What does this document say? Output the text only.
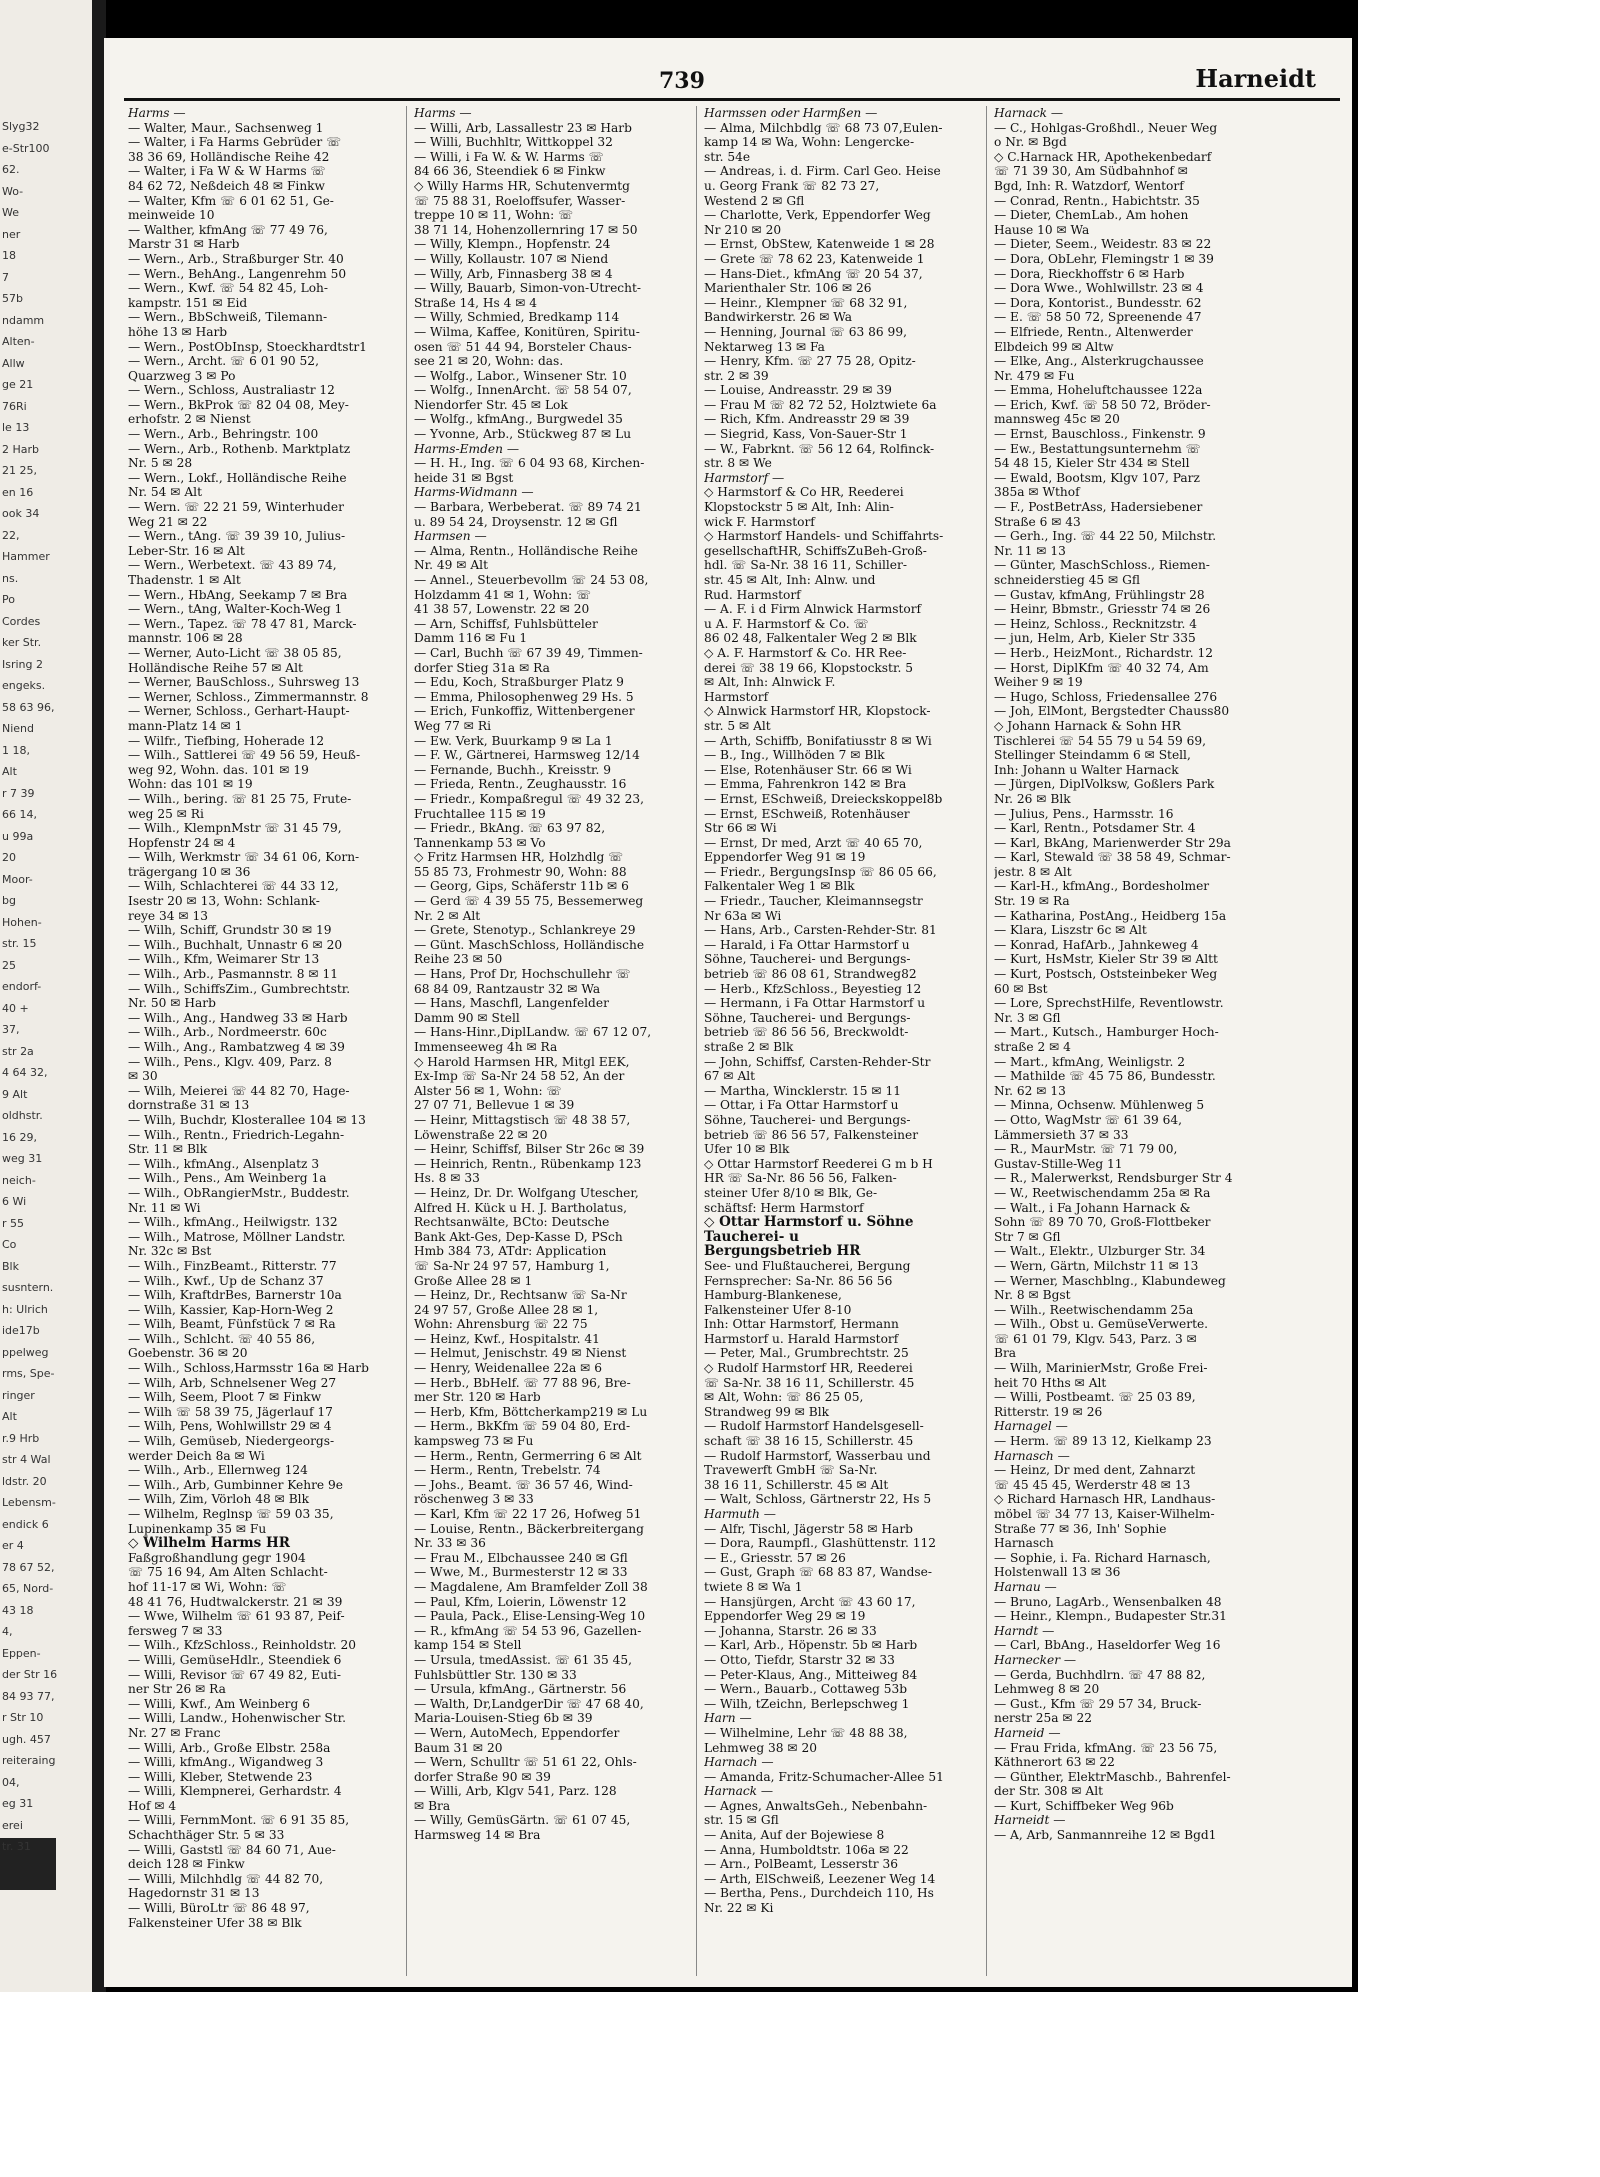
Slyg32
e-Str100
62.
Wo-
We
ner
18
7
57b
ndamm
Alten-
Allw
ge 21
76Ri
le 13
2 Harb
21 25,
en 16
ook 34
22,
Hammer
ns.
Po
Cordes
ker Str.
Isring 2
engeks.
58 63 96,
Niend
1 18,
Alt
r 7 39
66 14,
u 99a
20
Moor-
bg
Hohen-
str. 15
25
endorf-
40 +
37,
str 2a
4 64 32,
9 Alt
oldhstr.
16 29,
weg 31
neich-
6 Wi
r 55
Co
Blk
susntern.
h: Ulrich
ide17b
ppelweg
rms, Spe-
ringer
Alt
r.9 Hrb
str 4 Wal
ldstr. 20
Lebensm-
endick 6
er 4
78 67 52,
65, Nord-
43 18
4,
Eppen-
der Str 16
84 93 77,
r Str 10
ugh. 457
reiteraing
04,
eg 31
erei
tr. 31
739	Harneidt
Harms —
— Walter, Maur., Sachsenweg 1
— Walter, i Fa Harms Gebrüder ☏
38 36 69, Holländische Reihe 42
— Walter, i Fa W & W Harms ☏
84 62 72, Neßdeich 48 ✉ Finkw
— Walter, Kfm ☏ 6 01 62 51, Ge-
meinweide 10
— Walther, kfmAng ☏ 77 49 76,
Marstr 31 ✉ Harb
— Wern., Arb., Straßburger Str. 40
— Wern., BehAng., Langenrehm 50
— Wern., Kwf. ☏ 54 82 45, Loh-
kampstr. 151 ✉ Eid
— Wern., BbSchweiß, Tilemann-
höhe 13 ✉ Harb
— Wern., PostObInsp, Stoeckhardtstr1
— Wern., Archt. ☏ 6 01 90 52,
Quarzweg 3 ✉ Po
— Wern., Schloss, Australiastr 12
— Wern., BkProk ☏ 82 04 08, Mey-
erhofstr. 2 ✉ Nienst
— Wern., Arb., Behringstr. 100
— Wern., Arb., Rothenb. Marktplatz
Nr. 5 ✉ 28
— Wern., Lokf., Holländische Reihe
Nr. 54 ✉ Alt
— Wern. ☏ 22 21 59, Winterhuder
Weg 21 ✉ 22
— Wern., tAng. ☏ 39 39 10, Julius-
Leber-Str. 16 ✉ Alt
— Wern., Werbetext. ☏ 43 89 74,
Thadenstr. 1 ✉ Alt
— Wern., HbAng, Seekamp 7 ✉ Bra
— Wern., tAng, Walter-Koch-Weg 1
— Wern., Tapez. ☏ 78 47 81, Marck-
mannstr. 106 ✉ 28
— Werner, Auto-Licht ☏ 38 05 85,
Holländische Reihe 57 ✉ Alt
— Werner, BauSchloss., Suhrsweg 13
— Werner, Schloss., Zimmermannstr. 8
— Werner, Schloss., Gerhart-Haupt-
mann-Platz 14 ✉ 1
— Wilfr., Tiefbing, Hoherade 12
— Wilh., Sattlerei ☏ 49 56 59, Heuß-
weg 92, Wohn. das. 101 ✉ 19
Wohn: das 101 ✉ 19
— Wilh., bering. ☏ 81 25 75, Frute-
weg 25 ✉ Ri
— Wilh., KlempnMstr ☏ 31 45 79,
Hopfenstr 24 ✉ 4
— Wilh, Werkmstr ☏ 34 61 06, Korn-
trägergang 10 ✉ 36
— Wilh, Schlachterei ☏ 44 33 12,
Isestr 20 ✉ 13, Wohn: Schlank-
reye 34 ✉ 13
— Wilh, Schiff, Grundstr 30 ✉ 19
— Wilh., Buchhalt, Unnastr 6 ✉ 20
— Wilh., Kfm, Weimarer Str 13
— Wilh., Arb., Pasmannstr. 8 ✉ 11
— Wilh., SchiffsZim., Gumbrechtstr.
Nr. 50 ✉ Harb
— Wilh., Ang., Handweg 33 ✉ Harb
— Wilh., Arb., Nordmeerstr. 60c
— Wilh., Ang., Rambatzweg 4 ✉ 39
— Wilh., Pens., Klgv. 409, Parz. 8
✉ 30
— Wilh, Meierei ☏ 44 82 70, Hage-
dornstraße 31 ✉ 13
— Wilh, Buchdr, Klosterallee 104 ✉ 13
— Wilh., Rentn., Friedrich-Legahn-
Str. 11 ✉ Blk
— Wilh., kfmAng., Alsenplatz 3
— Wilh., Pens., Am Weinberg 1a
— Wilh., ObRangierMstr., Buddestr.
Nr. 11 ✉ Wi
— Wilh., kfmAng., Heilwigstr. 132
— Wilh., Matrose, Möllner Landstr.
Nr. 32c ✉ Bst
— Wilh., FinzBeamt., Ritterstr. 77
— Wilh., Kwf., Up de Schanz 37
— Wilh, KraftdrBes, Barnerstr 10a
— Wilh, Kassier, Kap-Horn-Weg 2
— Wilh, Beamt, Fünfstück 7 ✉ Ra
— Wilh., Schlcht. ☏ 40 55 86,
Goebenstr. 36 ✉ 20
— Wilh., Schloss,Harmsstr 16a ✉ Harb
— Wilh, Arb, Schnelsener Weg 27
— Wilh, Seem, Ploot 7 ✉ Finkw
— Wilh ☏ 58 39 75, Jägerlauf 17
— Wilh, Pens, Wohlwillstr 29 ✉ 4
— Wilh, Gemüseb, Niedergeorgs-
werder Deich 8a ✉ Wi
— Wilh., Arb., Ellernweg 124
— Wilh., Arb, Gumbinner Kehre 9e
— Wilh, Zim, Vörloh 48 ✉ Blk
— Wilhelm, Reglnsp ☏ 59 03 35,
Lupinenkamp 35 ✉ Fu
◇ Wilhelm Harms HR
Faßgroßhandlung gegr 1904
☏ 75 16 94, Am Alten Schlacht-
hof 11-17 ✉ Wi, Wohn: ☏
48 41 76, Hudtwalckerstr. 21 ✉ 39
— Wwe, Wilhelm ☏ 61 93 87, Peif-
fersweg 7 ✉ 33
— Wilh., KfzSchloss., Reinholdstr. 20
— Willi, GemüseHdlr., Steendiek 6
— Willi, Revisor ☏ 67 49 82, Euti-
ner Str 26 ✉ Ra
— Willi, Kwf., Am Weinberg 6
— Willi, Landw., Hohenwischer Str.
Nr. 27 ✉ Franc
— Willi, Arb., Große Elbstr. 258a
— Willi, kfmAng., Wigandweg 3
— Willi, Kleber, Stetwende 23
— Willi, Klempnerei, Gerhardstr. 4
Hof ✉ 4
— Willi, FernmMont. ☏ 6 91 35 85,
Schachthäger Str. 5 ✉ 33
— Willi, Gaststl ☏ 84 60 71, Aue-
deich 128 ✉ Finkw
— Willi, Milchhdlg ☏ 44 82 70,
Hagedornstr 31 ✉ 13
— Willi, BüroLtr ☏ 86 48 97,
Falkensteiner Ufer 38 ✉ Blk
Harms —
— Willi, Arb, Lassallestr 23 ✉ Harb
— Willi, Buchhltr, Wittkoppel 32
— Willi, i Fa W. & W. Harms ☏
84 66 36, Steendiek 6 ✉ Finkw
◇ Willy Harms HR, Schutenvermtg
☏ 75 88 31, Roeloffsufer, Wasser-
treppe 10 ✉ 11, Wohn: ☏
38 71 14, Hohenzollernring 17 ✉ 50
— Willy, Klempn., Hopfenstr. 24
— Willy, Kollaustr. 107 ✉ Niend
— Willy, Arb, Finnasberg 38 ✉ 4
— Willy, Bauarb, Simon-von-Utrecht-
Straße 14, Hs 4 ✉ 4
— Willy, Schmied, Bredkamp 114
— Wilma, Kaffee, Konitüren, Spiritu-
osen ☏ 51 44 94, Borsteler Chaus-
see 21 ✉ 20, Wohn: das.
— Wolfg., Labor., Winsener Str. 10
— Wolfg., InnenArcht. ☏ 58 54 07,
Niendorfer Str. 45 ✉ Lok
— Wolfg., kfmAng., Burgwedel 35
— Yvonne, Arb., Stückweg 87 ✉ Lu
Harms-Emden —
— H. H., Ing. ☏ 6 04 93 68, Kirchen-
heide 31 ✉ Bgst
Harms-Widmann —
— Barbara, Werbeberat. ☏ 89 74 21
u. 89 54 24, Droysenstr. 12 ✉ Gfl
Harmsen —
— Alma, Rentn., Holländische Reihe
Nr. 49 ✉ Alt
— Annel., Steuerbevollm ☏ 24 53 08,
Holzdamm 41 ✉ 1, Wohn: ☏
41 38 57, Lowenstr. 22 ✉ 20
— Arn, Schiffsf, Fuhlsbütteler
Damm 116 ✉ Fu 1
— Carl, Buchh ☏ 67 39 49, Timmen-
dorfer Stieg 31a ✉ Ra
— Edu, Koch, Straßburger Platz 9
— Emma, Philosophenweg 29 Hs. 5
— Erich, Funkoffiz, Wittenbergener
Weg 77 ✉ Ri
— Ew. Verk, Buurkamp 9 ✉ La 1
— F. W., Gärtnerei, Harmsweg 12/14
— Fernande, Buchh., Kreisstr. 9
— Frieda, Rentn., Zeughausstr. 16
— Friedr., Kompaßregul ☏ 49 32 23,
Fruchtallee 115 ✉ 19
— Friedr., BkAng. ☏ 63 97 82,
Tannenkamp 53 ✉ Vo
◇ Fritz Harmsen HR, Holzhdlg ☏
55 85 73, Frohmestr 90, Wohn: 88
— Georg, Gips, Schäferstr 11b ✉ 6
— Gerd ☏ 4 39 55 75, Bessemerweg
Nr. 2 ✉ Alt
— Grete, Stenotyp., Schlankreye 29
— Günt. MaschSchloss, Holländische
Reihe 23 ✉ 50
— Hans, Prof Dr, Hochschullehr ☏
68 84 09, Rantzaustr 32 ✉ Wa
— Hans, Maschfl, Langenfelder
Damm 90 ✉ Stell
— Hans-Hinr.,DiplLandw. ☏ 67 12 07,
Immenseeweg 4h ✉ Ra
◇ Harold Harmsen HR, Mitgl EEK,
Ex-Imp ☏ Sa-Nr 24 58 52, An der
Alster 56 ✉ 1, Wohn: ☏
27 07 71, Bellevue 1 ✉ 39
— Heinr, Mittagstisch ☏ 48 38 57,
Löwenstraße 22 ✉ 20
— Heinr, Schiffsf, Bilser Str 26c ✉ 39
— Heinrich, Rentn., Rübenkamp 123
Hs. 8 ✉ 33
— Heinz, Dr. Dr. Wolfgang Utescher,
Alfred H. Kück u H. J. Bartholatus,
Rechtsanwälte, BCto: Deutsche
Bank Akt-Ges, Dep-Kasse D, PSch
Hmb 384 73, ATdr: Application
☏ Sa-Nr 24 97 57, Hamburg 1,
Große Allee 28 ✉ 1
— Heinz, Dr., Rechtsanw ☏ Sa-Nr
24 97 57, Große Allee 28 ✉ 1,
Wohn: Ahrensburg ☏ 22 75
— Heinz, Kwf., Hospitalstr. 41
— Helmut, Jenischstr. 49 ✉ Nienst
— Henry, Weidenallee 22a ✉ 6
— Herb., BbHelf. ☏ 77 88 96, Bre-
mer Str. 120 ✉ Harb
— Herb, Kfm, Böttcherkamp219 ✉ Lu
— Herm., BkKfm ☏ 59 04 80, Erd-
kampsweg 73 ✉ Fu
— Herm., Rentn, Germerring 6 ✉ Alt
— Herm., Rentn, Trebelstr. 74
— Johs., Beamt. ☏ 36 57 46, Wind-
röschenweg 3 ✉ 33
— Karl, Kfm ☏ 22 17 26, Hofweg 51
— Louise, Rentn., Bäckerbreitergang
Nr. 33 ✉ 36
— Frau M., Elbchaussee 240 ✉ Gfl
— Wwe, M., Burmesterstr 12 ✉ 33
— Magdalene, Am Bramfelder Zoll 38
— Paul, Kfm, Loierin, Löwenstr 12
— Paula, Pack., Elise-Lensing-Weg 10
— R., kfmAng ☏ 54 53 96, Gazellen-
kamp 154 ✉ Stell
— Ursula, tmedAssist. ☏ 61 35 45,
Fuhlsbüttler Str. 130 ✉ 33
— Ursula, kfmAng., Gärtnerstr. 56
— Walth, Dr,LandgerDir ☏ 47 68 40,
Maria-Louisen-Stieg 6b ✉ 39
— Wern, AutoMech, Eppendorfer
Baum 31 ✉ 20
— Wern, Schulltr ☏ 51 61 22, Ohls-
dorfer Straße 90 ✉ 39
— Willi, Arb, Klgv 541, Parz. 128
✉ Bra
— Willy, GemüsGärtn. ☏ 61 07 45,
Harmsweg 14 ✉ Bra
Harmssen oder Harmßen —
— Alma, Milchbdlg ☏ 68 73 07,Eulen-
kamp 14 ✉ Wa, Wohn: Lengercke-
str. 54e
— Andreas, i. d. Firm. Carl Geo. Heise
u. Georg Frank ☏ 82 73 27,
Westend 2 ✉ Gfl
— Charlotte, Verk, Eppendorfer Weg
Nr 210 ✉ 20
— Ernst, ObStew, Katenweide 1 ✉ 28
— Grete ☏ 78 62 23, Katenweide 1
— Hans-Diet., kfmAng ☏ 20 54 37,
Marienthaler Str. 106 ✉ 26
— Heinr., Klempner ☏ 68 32 91,
Bandwirkerstr. 26 ✉ Wa
— Henning, Journal ☏ 63 86 99,
Nektarweg 13 ✉ Fa
— Henry, Kfm. ☏ 27 75 28, Opitz-
str. 2 ✉ 39
— Louise, Andreasstr. 29 ✉ 39
— Frau M ☏ 82 72 52, Holztwiete 6a
— Rich, Kfm. Andreasstr 29 ✉ 39
— Siegrid, Kass, Von-Sauer-Str 1
— W., Fabrknt. ☏ 56 12 64, Rolfinck-
str. 8 ✉ We
Harmstorf —
◇ Harmstorf & Co HR, Reederei
Klopstockstr 5 ✉ Alt, Inh: Alin-
wick F. Harmstorf
◇ Harmstorf Handels- und Schiffahrts-
gesellschaftHR, SchiffsZuBeh-Groß-
hdl. ☏ Sa-Nr. 38 16 11, Schiller-
str. 45 ✉ Alt, Inh: Alnw. und
Rud. Harmstorf
— A. F. i d Firm Alnwick Harmstorf
u A. F. Harmstorf & Co. ☏
86 02 48, Falkentaler Weg 2 ✉ Blk
◇ A. F. Harmstorf & Co. HR Ree-
derei ☏ 38 19 66, Klopstockstr. 5
✉ Alt, Inh: Alnwick F.
Harmstorf
◇ Alnwick Harmstorf HR, Klopstock-
str. 5 ✉ Alt
— Arth, Schiffb, Bonifatiusstr 8 ✉ Wi
— B., Ing., Willhöden 7 ✉ Blk
— Else, Rotenhäuser Str. 66 ✉ Wi
— Emma, Fahrenkron 142 ✉ Bra
— Ernst, ESchweiß, Dreieckskoppel8b
— Ernst, ESchweiß, Rotenhäuser
Str 66 ✉ Wi
— Ernst, Dr med, Arzt ☏ 40 65 70,
Eppendorfer Weg 91 ✉ 19
— Friedr., BergungsInsp ☏ 86 05 66,
Falkentaler Weg 1 ✉ Blk
— Friedr., Taucher, Kleimannsegstr
Nr 63a ✉ Wi
— Hans, Arb., Carsten-Rehder-Str. 81
— Harald, i Fa Ottar Harmstorf u
Söhne, Taucherei- und Bergungs-
betrieb ☏ 86 08 61, Strandweg82
— Herb., KfzSchloss., Beyestieg 12
— Hermann, i Fa Ottar Harmstorf u
Söhne, Taucherei- und Bergungs-
betrieb ☏ 86 56 56, Breckwoldt-
straße 2 ✉ Blk
— John, Schiffsf, Carsten-Rehder-Str
67 ✉ Alt
— Martha, Wincklerstr. 15 ✉ 11
— Ottar, i Fa Ottar Harmstorf u
Söhne, Taucherei- und Bergungs-
betrieb ☏ 86 56 57, Falkensteiner
Ufer 10 ✉ Blk
◇ Ottar Harmstorf Reederei G m b H
HR ☏ Sa-Nr. 86 56 56, Falken-
steiner Ufer 8/10 ✉ Blk, Ge-
schäftsf: Herm Harmstorf
◇ Ottar Harmstorf u. Söhne
Taucherei- u
Bergungsbetrieb HR
See- und Flußtaucherei, Bergung
Fernsprecher: Sa-Nr. 86 56 56
Hamburg-Blankenese,
Falkensteiner Ufer 8-10
Inh: Ottar Harmstorf, Hermann
Harmstorf u. Harald Harmstorf
— Peter, Mal., Grumbrechtstr. 25
◇ Rudolf Harmstorf HR, Reederei
☏ Sa-Nr. 38 16 11, Schillerstr. 45
✉ Alt, Wohn: ☏ 86 25 05,
Strandweg 99 ✉ Blk
— Rudolf Harmstorf Handelsgesell-
schaft ☏ 38 16 15, Schillerstr. 45
— Rudolf Harmstorf, Wasserbau und
Travewerft GmbH ☏ Sa-Nr.
38 16 11, Schillerstr. 45 ✉ Alt
— Walt, Schloss, Gärtnerstr 22, Hs 5
Harmuth —
— Alfr, Tischl, Jägerstr 58 ✉ Harb
— Dora, Raumpfl., Glashüttenstr. 112
— E., Griesstr. 57 ✉ 26
— Gust, Graph ☏ 68 83 87, Wandse-
twiete 8 ✉ Wa 1
— Hansjürgen, Archt ☏ 43 60 17,
Eppendorfer Weg 29 ✉ 19
— Johanna, Starstr. 26 ✉ 33
— Karl, Arb., Höpenstr. 5b ✉ Harb
— Otto, Tiefdr, Starstr 32 ✉ 33
— Peter-Klaus, Ang., Mitteiweg 84
— Wern., Bauarb., Cottaweg 53b
— Wilh, tZeichn, Berlepschweg 1
Harn —
— Wilhelmine, Lehr ☏ 48 88 38,
Lehmweg 38 ✉ 20
Harnach —
— Amanda, Fritz-Schumacher-Allee 51
Harnack —
— Agnes, AnwaltsGeh., Nebenbahn-
str. 15 ✉ Gfl
— Anita, Auf der Bojewiese 8
— Anna, Humboldtstr. 106a ✉ 22
— Arn., PolBeamt, Lesserstr 36
— Arth, ElSchweiß, Leezener Weg 14
— Bertha, Pens., Durchdeich 110, Hs
Nr. 22 ✉ Ki
Harnack —
— C., Hohlgas-Großhdl., Neuer Weg
o Nr. ✉ Bgd
◇ C.Harnack HR, Apothekenbedarf
☏ 71 39 30, Am Südbahnhof ✉
Bgd, Inh: R. Watzdorf, Wentorf
— Conrad, Rentn., Habichtstr. 35
— Dieter, ChemLab., Am hohen
Hause 10 ✉ Wa
— Dieter, Seem., Weidestr. 83 ✉ 22
— Dora, ObLehr, Flemingstr 1 ✉ 39
— Dora, Rieckhoffstr 6 ✉ Harb
— Dora Wwe., Wohlwillstr. 23 ✉ 4
— Dora, Kontorist., Bundesstr. 62
— E. ☏ 58 50 72, Spreenende 47
— Elfriede, Rentn., Altenwerder
Elbdeich 99 ✉ Altw
— Elke, Ang., Alsterkrugchaussee
Nr. 479 ✉ Fu
— Emma, Hoheluftchaussee 122a
— Erich, Kwf. ☏ 58 50 72, Bröder-
mannsweg 45c ✉ 20
— Ernst, Bauschloss., Finkenstr. 9
— Ew., Bestattungsunternehm ☏
54 48 15, Kieler Str 434 ✉ Stell
— Ewald, Bootsm, Klgv 107, Parz
385a ✉ Wthof
— F., PostBetrAss, Hadersiebener
Straße 6 ✉ 43
— Gerh., Ing. ☏ 44 22 50, Milchstr.
Nr. 11 ✉ 13
— Günter, MaschSchloss., Riemen-
schneiderstieg 45 ✉ Gfl
— Gustav, kfmAng, Frühlingstr 28
— Heinr, Bbmstr., Griesstr 74 ✉ 26
— Heinz, Schloss., Recknitzstr. 4
— jun, Helm, Arb, Kieler Str 335
— Herb., HeizMont., Richardstr. 12
— Horst, DiplKfm ☏ 40 32 74, Am
Weiher 9 ✉ 19
— Hugo, Schloss, Friedensallee 276
— Joh, ElMont, Bergstedter Chauss80
◇ Johann Harnack & Sohn HR
Tischlerei ☏ 54 55 79 u 54 59 69,
Stellinger Steindamm 6 ✉ Stell,
Inh: Johann u Walter Harnack
— Jürgen, DiplVolksw, Goßlers Park
Nr. 26 ✉ Blk
— Julius, Pens., Harmsstr. 16
— Karl, Rentn., Potsdamer Str. 4
— Karl, BkAng, Marienwerder Str 29a
— Karl, Stewald ☏ 38 58 49, Schmar-
jestr. 8 ✉ Alt
— Karl-H., kfmAng., Bordesholmer
Str. 19 ✉ Ra
— Katharina, PostAng., Heidberg 15a
— Klara, Liszstr 6c ✉ Alt
— Konrad, HafArb., Jahnkeweg 4
— Kurt, HsMstr, Kieler Str 39 ✉ Altt
— Kurt, Postsch, Oststeinbeker Weg
60 ✉ Bst
— Lore, SprechstHilfe, Reventlowstr.
Nr. 3 ✉ Gfl
— Mart., Kutsch., Hamburger Hoch-
straße 2 ✉ 4
— Mart., kfmAng, Weinligstr. 2
— Mathilde ☏ 45 75 86, Bundesstr.
Nr. 62 ✉ 13
— Minna, Ochsenw. Mühlenweg 5
— Otto, WagMstr ☏ 61 39 64,
Lämmersieth 37 ✉ 33
— R., MaurMstr. ☏ 71 79 00,
Gustav-Stille-Weg 11
— R., Malerwerkst, Rendsburger Str 4
— W., Reetwischendamm 25a ✉ Ra
— Walt., i Fa Johann Harnack &
Sohn ☏ 89 70 70, Groß-Flottbeker
Str 7 ✉ Gfl
— Walt., Elektr., Ulzburger Str. 34
— Wern, Gärtn, Milchstr 11 ✉ 13
— Werner, Maschblng., Klabundeweg
Nr. 8 ✉ Bgst
— Wilh., Reetwischendamm 25a
— Wilh., Obst u. GemüseVerwerte.
☏ 61 01 79, Klgv. 543, Parz. 3 ✉
Bra
— Wilh, MarinierMstr, Große Frei-
heit 70 Hths ✉ Alt
— Willi, Postbeamt. ☏ 25 03 89,
Ritterstr. 19 ✉ 26
Harnagel —
— Herm. ☏ 89 13 12, Kielkamp 23
Harnasch —
— Heinz, Dr med dent, Zahnarzt
☏ 45 45 45, Werderstr 48 ✉ 13
◇ Richard Harnasch HR, Landhaus-
möbel ☏ 34 77 13, Kaiser-Wilhelm-
Straße 77 ✉ 36, Inh' Sophie
Harnasch
— Sophie, i. Fa. Richard Harnasch,
Holstenwall 13 ✉ 36
Harnau —
— Bruno, LagArb., Wensenbalken 48
— Heinr., Klempn., Budapester Str.31
Harndt —
— Carl, BbAng., Haseldorfer Weg 16
Harnecker —
— Gerda, Buchhdlrn. ☏ 47 88 82,
Lehmweg 8 ✉ 20
— Gust., Kfm ☏ 29 57 34, Bruck-
nerstr 25a ✉ 22
Harneid —
— Frau Frida, kfmAng. ☏ 23 56 75,
Käthnerort 63 ✉ 22
— Günther, ElektrMaschb., Bahrenfel-
der Str. 308 ✉ Alt
— Kurt, Schiffbeker Weg 96b
Harneidt —
— A, Arb, Sanmannreihe 12 ✉ Bgd1
